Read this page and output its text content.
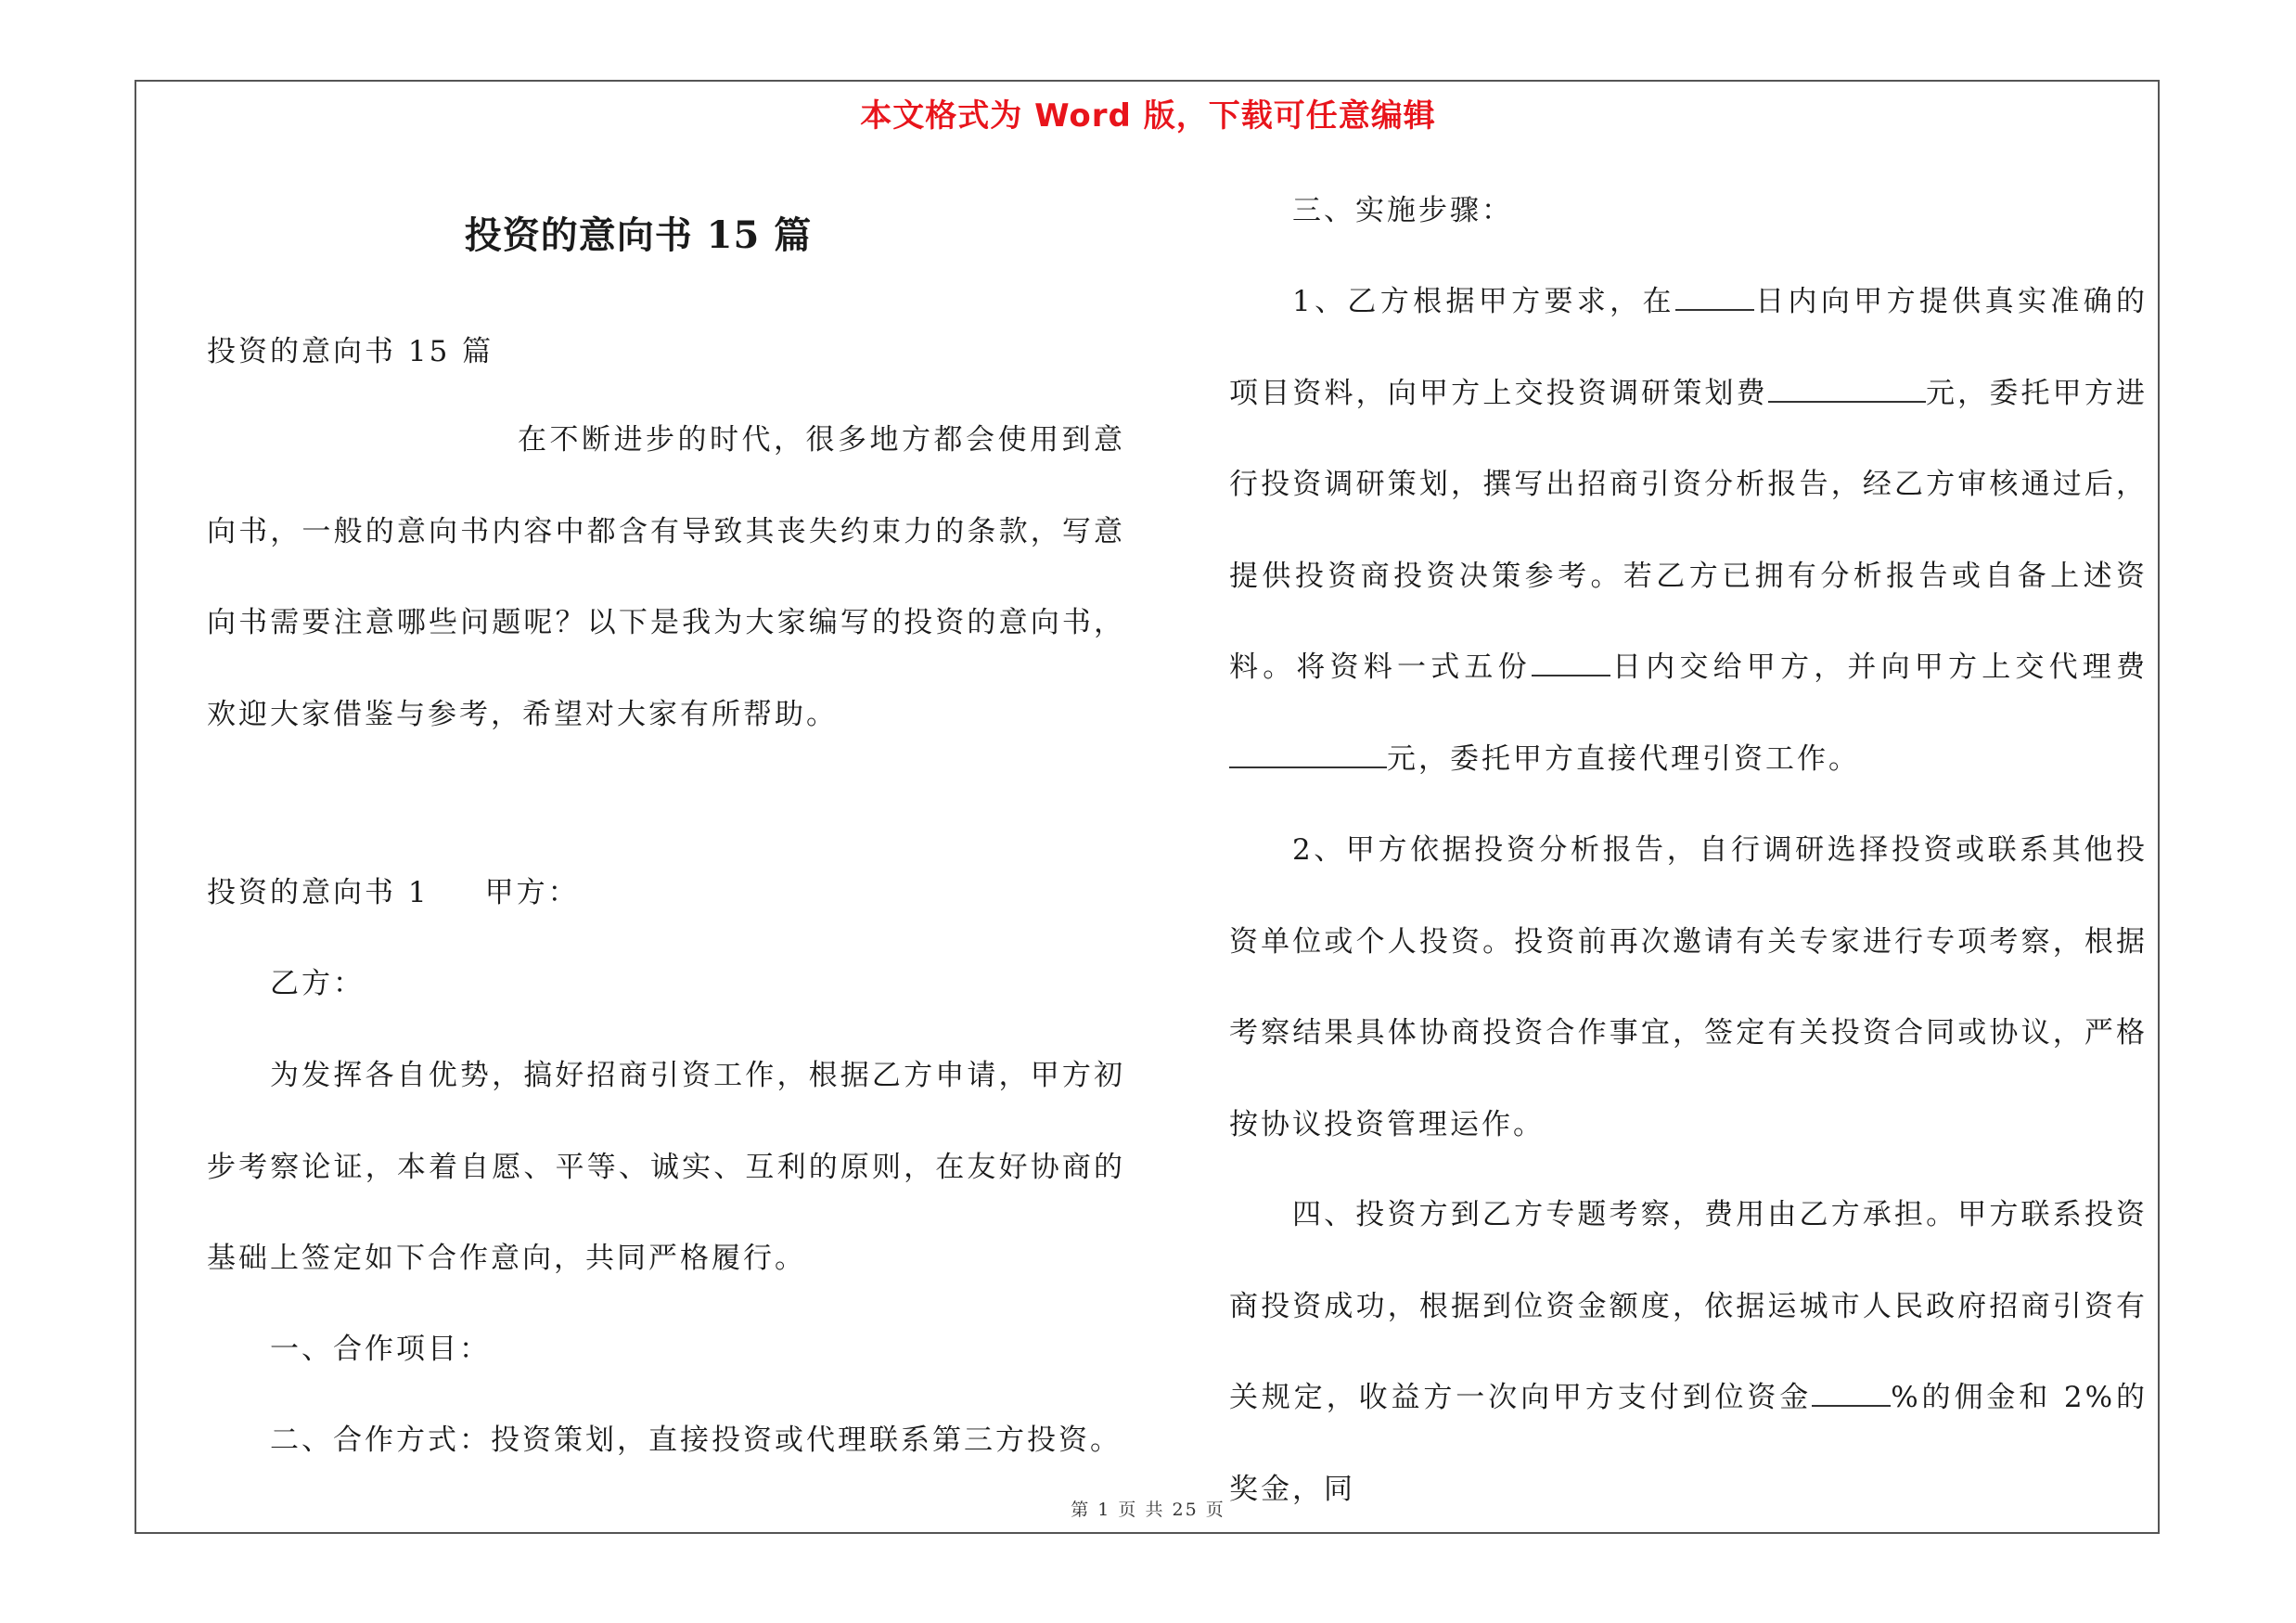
本文格式为 Word 版，下载可任意编辑
投资的意向书 15 篇

投资的意向书 15 篇

在不断进步的时代，很多地方都会使用到意向书，一般的意向书内容中都含有导致其丧失约束力的条款，写意向书需要注意哪些问题呢？以下是我为大家编写的投资的意向书，欢迎大家借鉴与参考，希望对大家有所帮助。

投资的意向书 1 甲方：

乙方：

为发挥各自优势，搞好招商引资工作，根据乙方申请，甲方初步考察论证，本着自愿、平等、诚实、互利的原则，在友好协商的基础上签定如下合作意向，共同严格履行。

一、合作项目：

二、合作方式：投资策划，直接投资或代理联系第三方投资。

三、实施步骤：

1、乙方根据甲方要求，在	日内向甲方提供真实准确的项目资料，向甲方上交投资调研策划费	元，委托甲方进行投资调研策划，撰写出招商引资分析报告，经乙方审核通过后，提供投资商投资决策参考。若乙方已拥有分析报告或自备上述资料。将资料一式五份	日内交给甲方，并向甲方上交代理费元，委托甲方直接代理引资工作。

2、甲方依据投资分析报告，自行调研选择投资或联系其他投资单位或个人投资。投资前再次邀请有关专家进行专项考察，根据考察结果具体协商投资合作事宜，签定有关投资合同或协议，严格按协议投资管理运作。

四、投资方到乙方专题考察，费用由乙方承担。甲方联系投资商投资成功，根据到位资金额度，依据运城市人民政府招商引资有关规定，收益方一次向甲方支付到位资金	%的佣金和 2%的奖金，同

第 1 页 共 25 页
